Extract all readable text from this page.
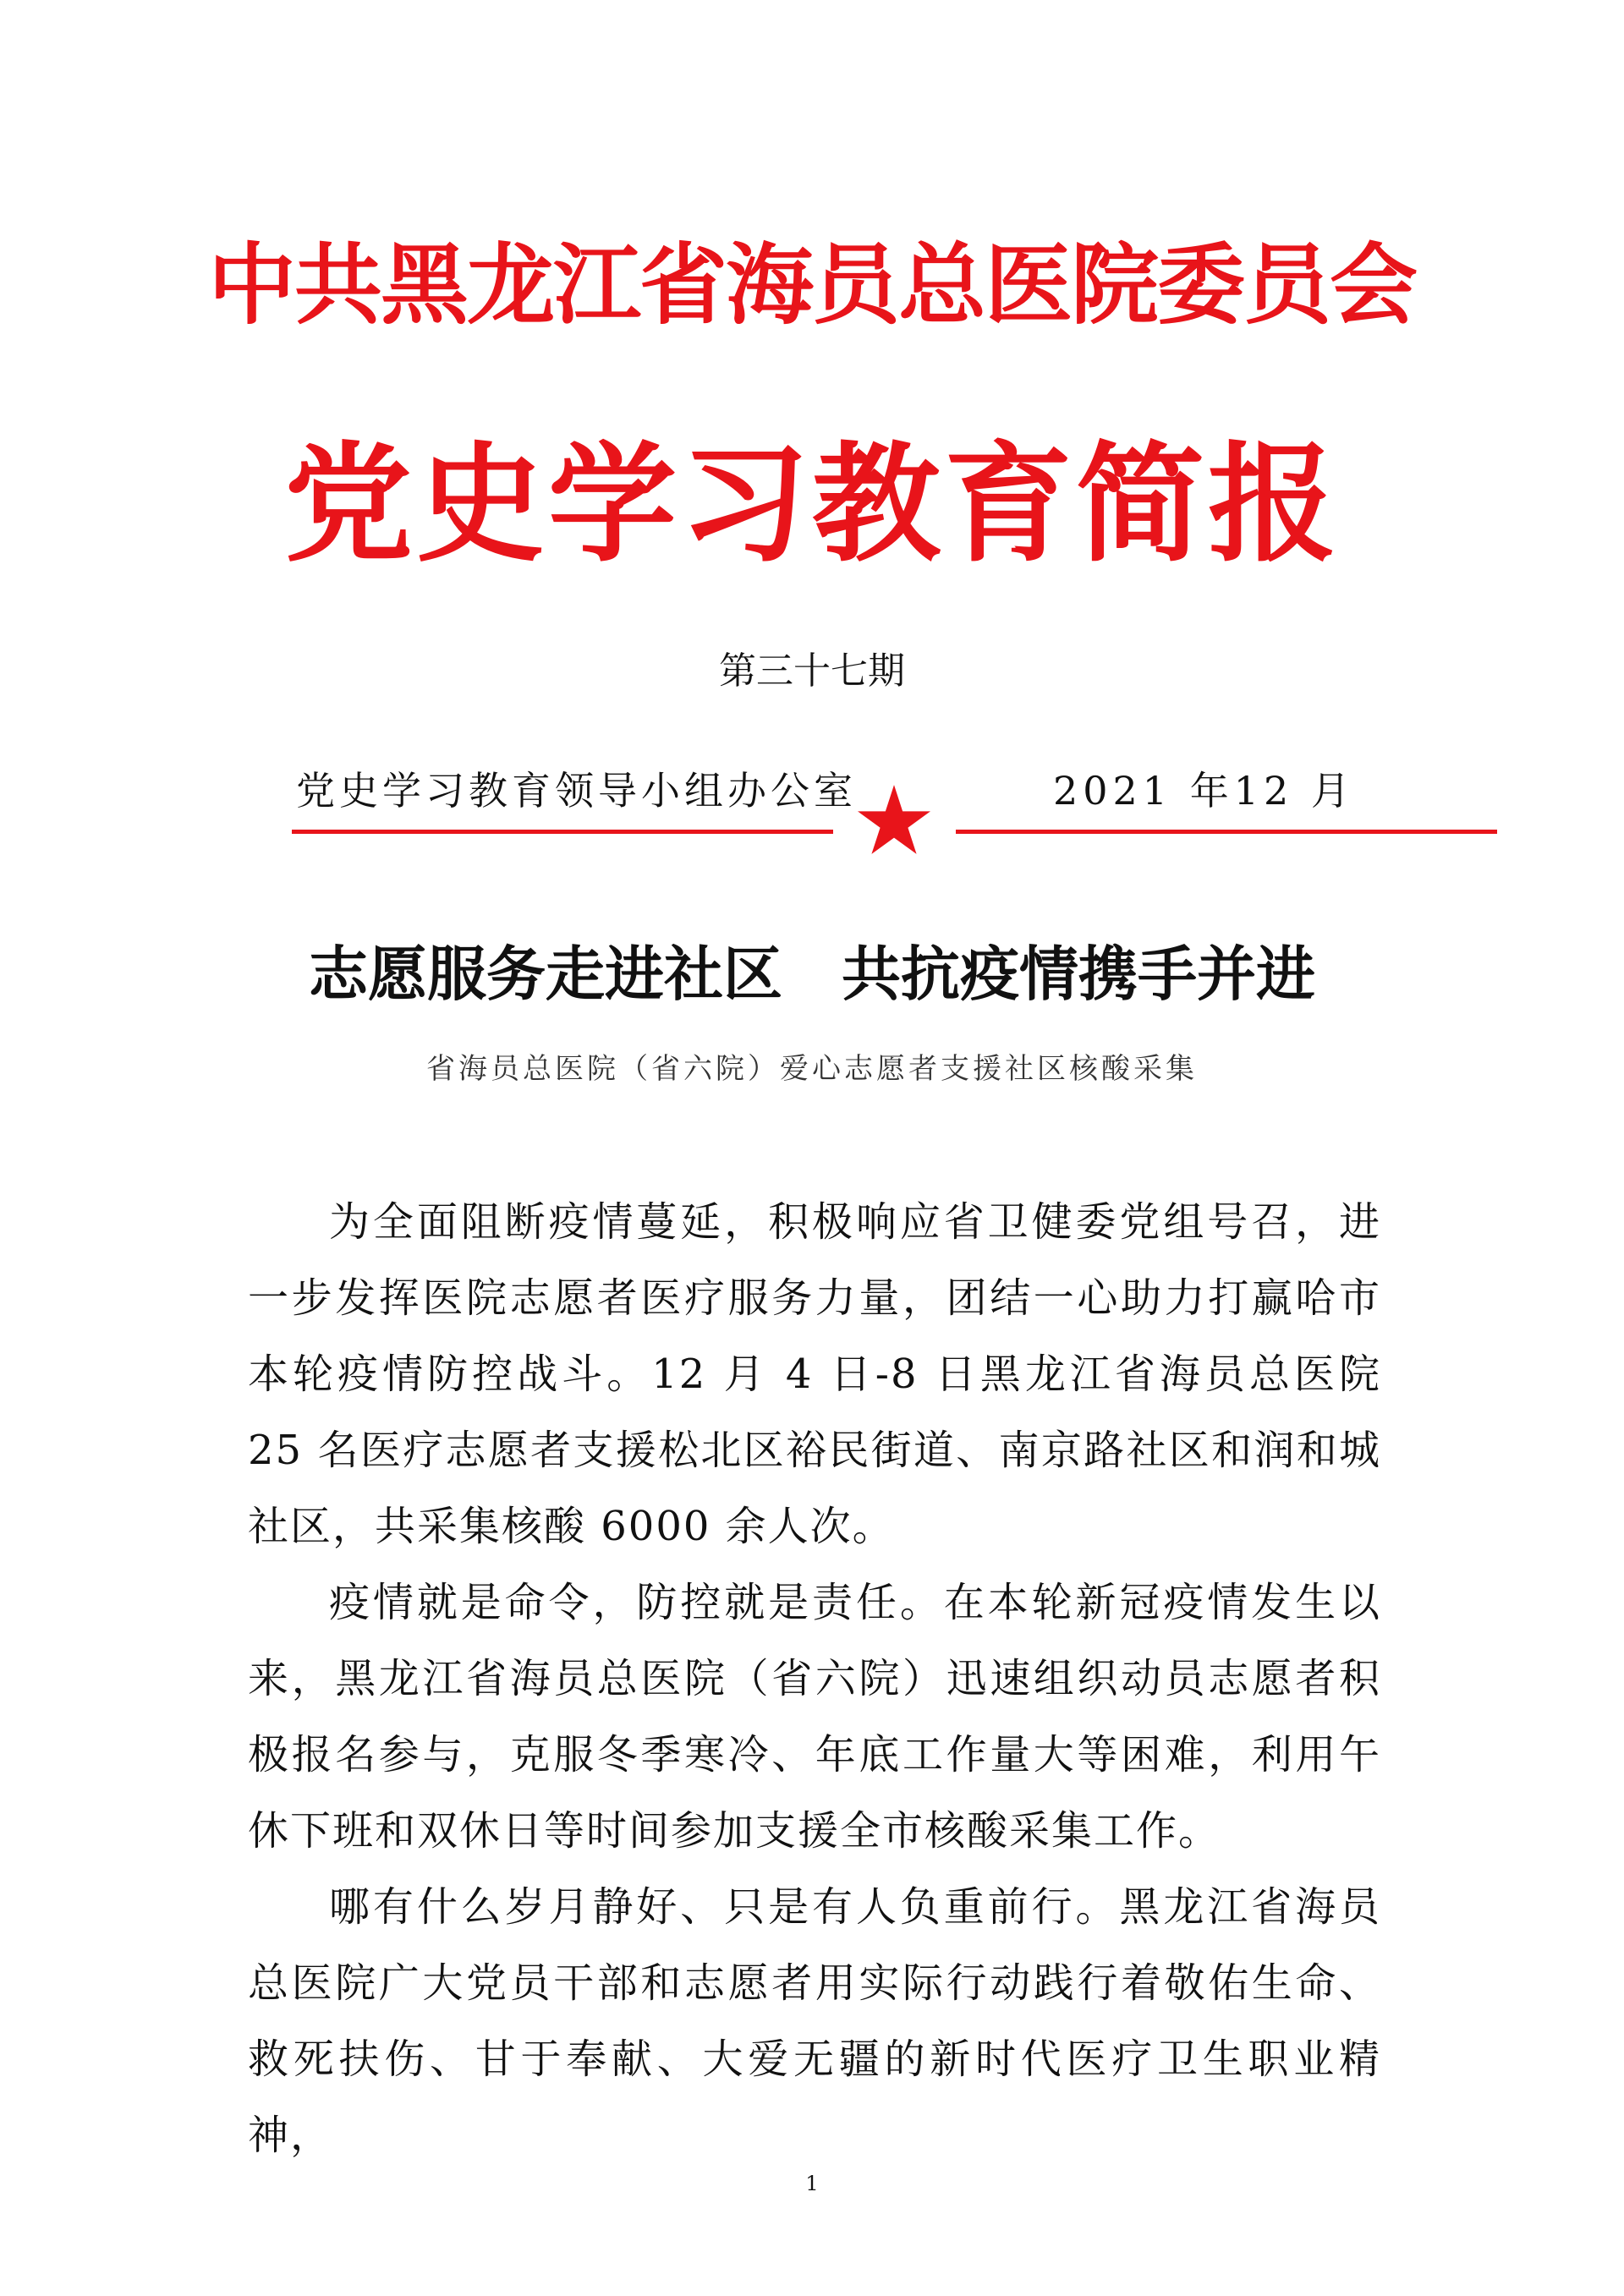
中共黑龙江省海员总医院委员会
党史学习教育简报
第三十七期
党史学习教育领导小组办公室	2021 年12 月
志愿服务走进社区　共抗疫情携手并进
省海员总医院（省六院）爱心志愿者支援社区核酸采集

为全面阻断疫情蔓延，积极响应省卫健委党组号召，进一步发挥医院志愿者医疗服务力量，团结一心助力打赢哈市本轮疫情防控战斗。12 月 4 日-8 日黑龙江省海员总医院 25 名医疗志愿者支援松北区裕民街道、南京路社区和润和城社区，共采集核酸 6000 余人次。

疫情就是命令，防控就是责任。在本轮新冠疫情发生以来，黑龙江省海员总医院（省六院）迅速组织动员志愿者积极报名参与，克服冬季寒冷、年底工作量大等困难，利用午休下班和双休日等时间参加支援全市核酸采集工作。

哪有什么岁月静好、只是有人负重前行。黑龙江省海员总医院广大党员干部和志愿者用实际行动践行着敬佑生命、救死扶伤、甘于奉献、大爱无疆的新时代医疗卫生职业精神，

1
